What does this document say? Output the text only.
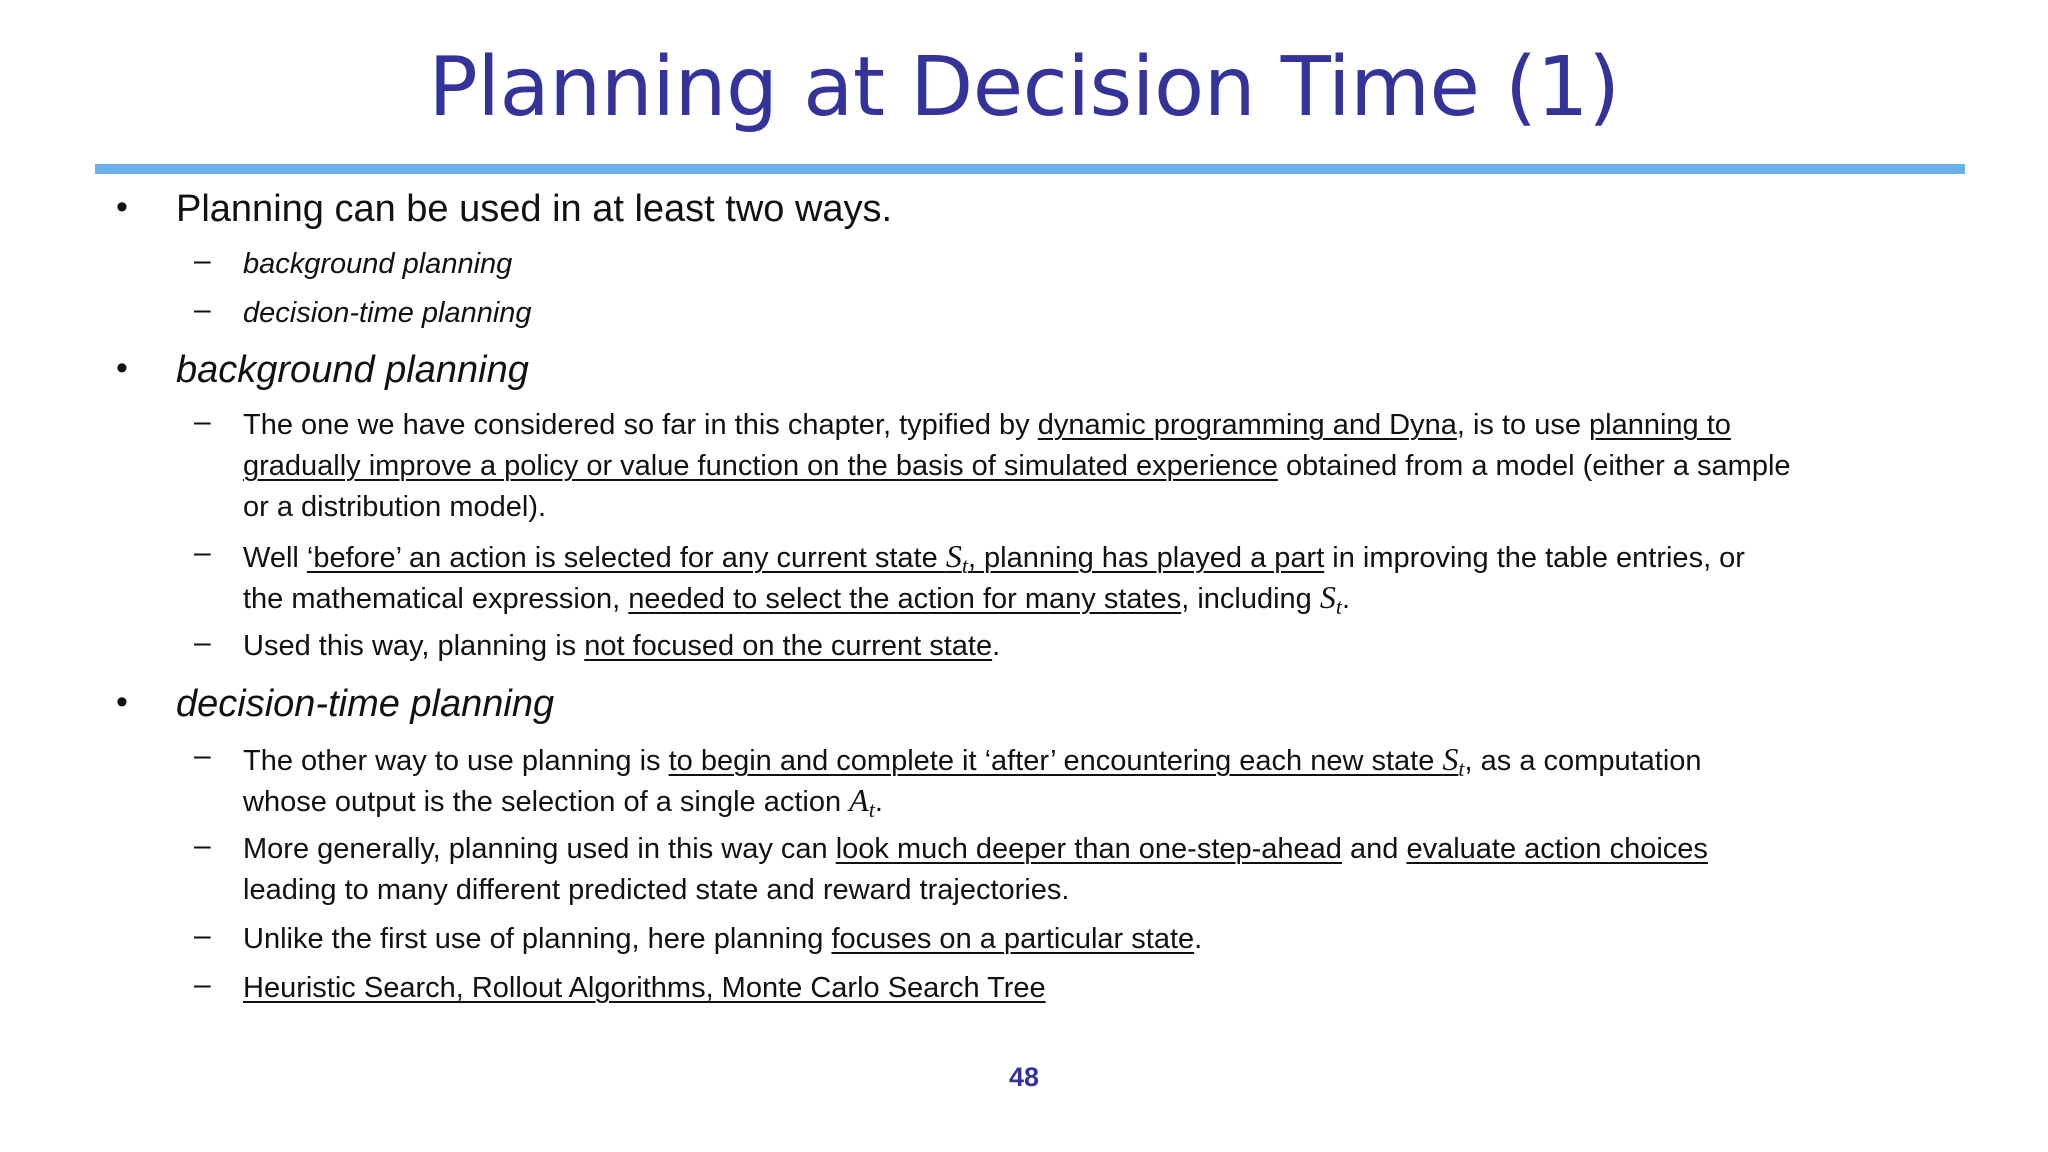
Planning at Decision Time (1)
• Planning can be used in at least two ways.
– background planning
– decision-time planning
• background planning
– The one we have considered so far in this chapter, typified by dynamic programming and Dyna, is to use planning to
gradually improve a policy or value function on the basis of simulated experience obtained from a model (either a sample
or a distribution model).
– Well ‘before’ an action is selected for any current state $S_t$, planning has played a part in improving the table entries, or
the mathematical expression, needed to select the action for many states, including $S_t$.
– Used this way, planning is not focused on the current state.
• decision-time planning
– The other way to use planning is to begin and complete it ‘after’ encountering each new state $S_t$, as a computation
whose output is the selection of a single action $A_t$.
– More generally, planning used in this way can look much deeper than one-step-ahead and evaluate action choices
leading to many different predicted state and reward trajectories.
– Unlike the first use of planning, here planning focuses on a particular state.
– Heuristic Search, Rollout Algorithms, Monte Carlo Search Tree
48
